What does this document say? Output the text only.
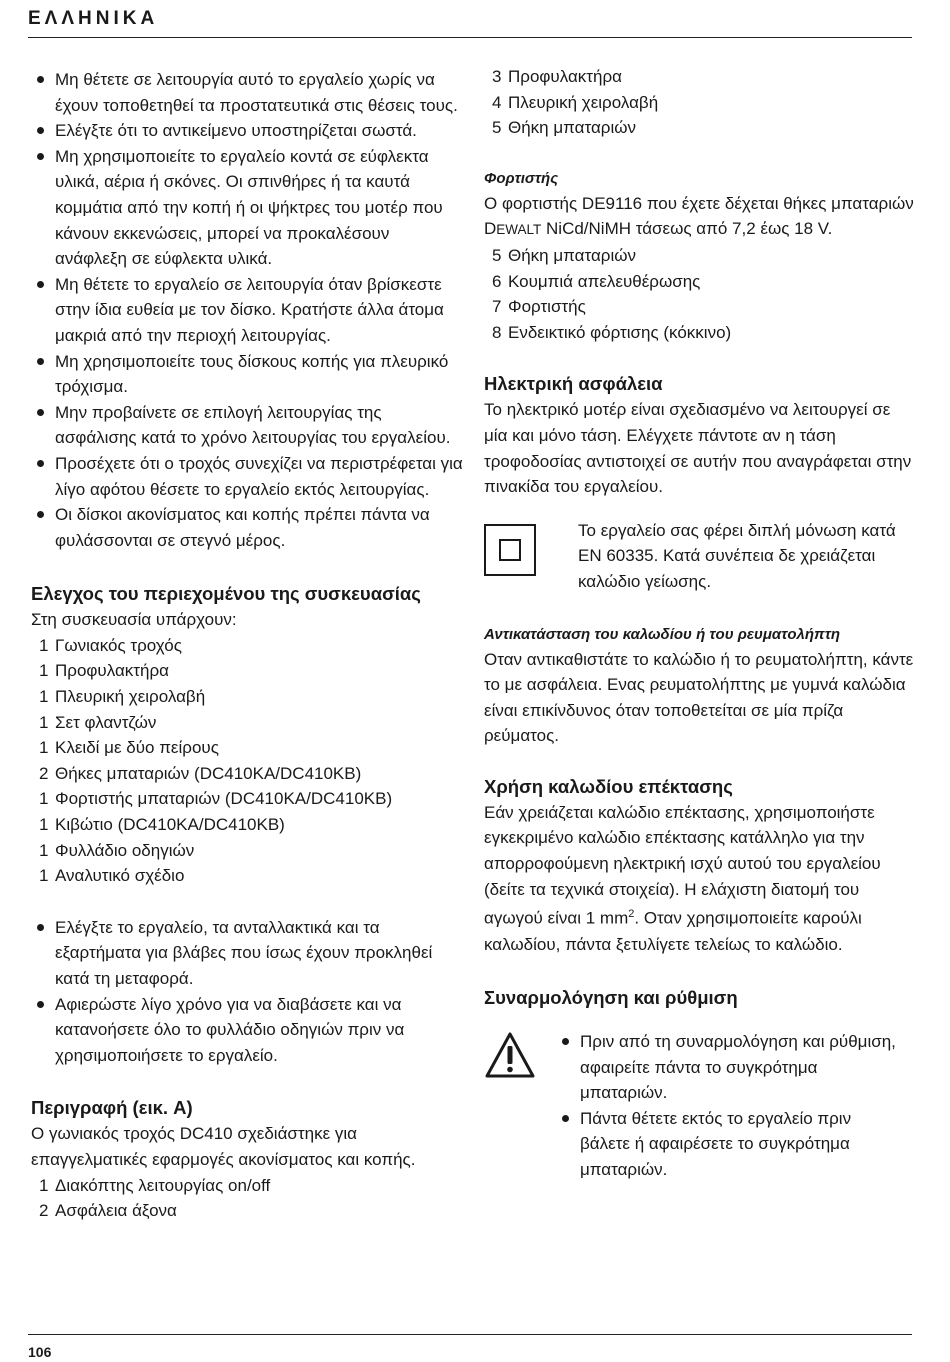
ΕΛΛΗΝΙΚΑ
Μη θέτετε σε λειτουργία αυτό το εργαλείο χωρίς να έχουν τοποθετηθεί τα προστατευτικά στις θέσεις τους.
Ελέγξτε ότι το αντικείμενο υποστηρίζεται σωστά.
Μη χρησιμοποιείτε το εργαλείο κοντά σε εύφλεκτα υλικά, αέρια ή σκόνες. Οι σπινθήρες ή τα καυτά κομμάτια από την κοπή ή οι ψήκτρες του μοτέρ που κάνουν εκκενώσεις, μπορεί να προκαλέσουν ανάφλεξη σε εύφλεκτα υλικά.
Μη θέτετε το εργαλείο σε λειτουργία όταν βρίσκεστε στην ίδια ευθεία με τον δίσκο. Κρατήστε άλλα άτομα μακριά από την περιοχή λειτουργίας.
Μη χρησιμοποιείτε τους δίσκους κοπής για πλευρικό τρόχισμα.
Μην προβαίνετε σε επιλογή λειτουργίας της ασφάλισης κατά το χρόνο λειτουργίας του εργαλείου.
Προσέχετε ότι ο τροχός συνεχίζει να περιστρέφεται για λίγο αφότου θέσετε το εργαλείο εκτός λειτουργίας.
Οι δίσκοι ακονίσματος και κοπής πρέπει πάντα να φυλάσσονται σε στεγνό μέρος.
Ελεγχος του περιεχομένου της συσκευασίας

Στη συσκευασία υπάρχουν:

1 Γωνιακός τροχός
1 Προφυλακτήρα
1 Πλευρική χειρολαβή
1 Σετ φλαντζών
1 Κλειδί με δύο πείρους
2 Θήκες μπαταριών (DC410KA/DC410KB)
1 Φορτιστής μπαταριών (DC410KA/DC410KB)
1 Κιβώτιο (DC410KA/DC410KB)
1 Φυλλάδιο οδηγιών
1 Αναλυτικό σχέδιο
Ελέγξτε το εργαλείο, τα ανταλλακτικά και τα εξαρτήματα για βλάβες που ίσως έχουν προκληθεί κατά τη μεταφορά.
Αφιερώστε λίγο χρόνο για να διαβάσετε και να κατανοήσετε όλο το φυλλάδιο οδηγιών πριν να χρησιμοποιήσετε το εργαλείο.
Περιγραφή (εικ. A)

Ο γωνιακός τροχός DC410 σχεδιάστηκε για επαγγελματικές εφαρμογές ακονίσματος και κοπής.

1 Διακόπτης λειτουργίας on/off
2 Ασφάλεια άξονα
3 Προφυλακτήρα
4 Πλευρική χειρολαβή
5 Θήκη μπαταριών
Φορτιστής

Ο φορτιστής DE9116 που έχετε δέχεται θήκες μπαταριών DEWALT NiCd/NiMH τάσεως από 7,2 έως 18 V.

5 Θήκη μπαταριών
6 Κουμπιά απελευθέρωσης
7 Φορτιστής
8 Ενδεικτικό φόρτισης (κόκκινο)
Ηλεκτρική ασφάλεια

Το ηλεκτρικό μοτέρ είναι σχεδιασμένο να λειτουργεί σε μία και μόνο τάση. Ελέγχετε πάντοτε αν η τάση τροφοδοσίας αντιστοιχεί σε αυτήν που αναγράφεται στην πινακίδα του εργαλείου.

Το εργαλείο σας φέρει διπλή μόνωση κατά EN 60335. Κατά συνέπεια δε χρειάζεται καλώδιο γείωσης.

Αντικατάσταση του καλωδίου ή του ρευματολήπτη

Οταν αντικαθιστάτε το καλώδιο ή το ρευματολήπτη, κάντε το με ασφάλεια. Ενας ρευματολήπτης με γυμνά καλώδια είναι επικίνδυνος όταν τοποθετείται σε μία πρίζα ρεύματος.

Χρήση καλωδίου επέκτασης

Εάν χρειάζεται καλώδιο επέκτασης, χρησιμοποιήστε εγκεκριμένο καλώδιο επέκτασης κατάλληλο για την απορροφούμενη ηλεκτρική ισχύ αυτού του εργαλείου (δείτε τα τεχνικά στοιχεία). Η ελάχιστη διατομή του αγωγού είναι 1 $mm^2$. Οταν χρησιμοποιείτε καρούλι καλωδίου, πάντα ξετυλίγετε τελείως το καλώδιο.

Συναρμολόγηση και ρύθμιση
Πριν από τη συναρμολόγηση και ρύθμιση, αφαιρείτε πάντα το συγκρότημα μπαταριών.
Πάντα θέτετε εκτός το εργαλείο πριν βάλετε ή αφαιρέσετε το συγκρότημα μπαταριών.
106
